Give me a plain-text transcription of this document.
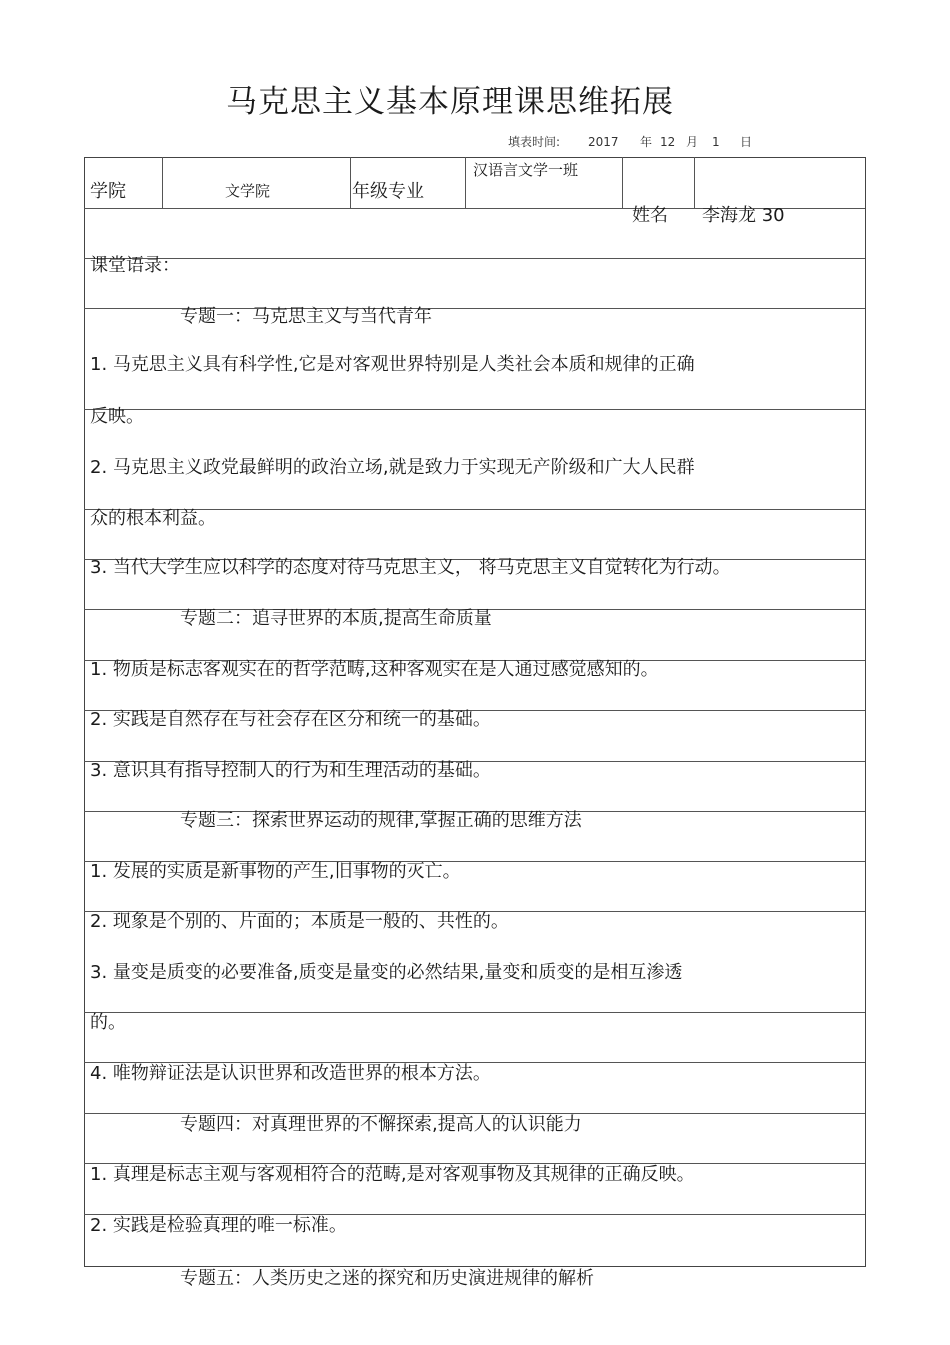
马克思主义基本原理课思维拓展
填表时间: 2017 年 12 月 1 日
学院	文学院	年级专业
汉语言文学一班
姓名 李海龙 30
课堂语录：
专题一：马克思主义与当代青年
1. 马克思主义具有科学性,它是对客观世界特别是人类社会本质和规律的正确
反映。
2. 马克思主义政党最鲜明的政治立场,就是致力于实现无产阶级和广大人民群
众的根本利益。
3. 当代大学生应以科学的态度对待马克思主义， 将马克思主义自觉转化为行动。
专题二：追寻世界的本质,提高生命质量
1. 物质是标志客观实在的哲学范畴,这种客观实在是人通过感觉感知的。
2. 实践是自然存在与社会存在区分和统一的基础。
3. 意识具有指导控制人的行为和生理活动的基础。
专题三：探索世界运动的规律,掌握正确的思维方法
1. 发展的实质是新事物的产生,旧事物的灭亡。
2. 现象是个别的、片面的；本质是一般的、共性的。
3. 量变是质变的必要准备,质变是量变的必然结果,量变和质变的是相互渗透
的。
4. 唯物辩证法是认识世界和改造世界的根本方法。
专题四：对真理世界的不懈探索,提高人的认识能力
1. 真理是标志主观与客观相符合的范畴,是对客观事物及其规律的正确反映。
2. 实践是检验真理的唯一标准。
专题五：人类历史之迷的探究和历史演进规律的解析
